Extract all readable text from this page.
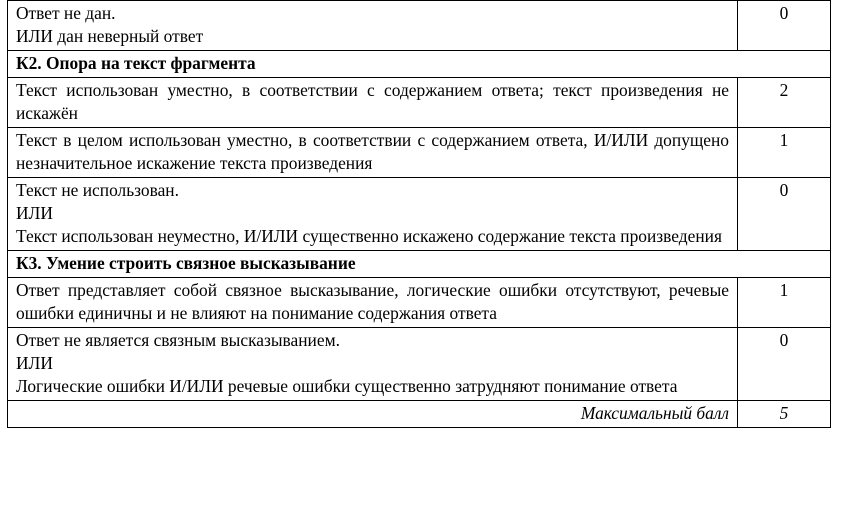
Ответ не дан.
ИЛИ дан неверный ответ	0
К2. Опора на текст фрагмента	
Текст использован уместно, в соответствии с содержанием ответа; текст произведения не искажён	2
Текст в целом использован уместно, в соответствии с содержанием ответа, И/ИЛИ допущено незначительное искажение текста произведения	1

Текст не использован.
ИЛИ
Текст использован неуместно, И/ИЛИ существенно искажено содержание текста произведения	0
К3. Умение строить связное высказывание	
Ответ представляет собой связное высказывание, логические ошибки отсутствуют, речевые ошибки единичны и не влияют на понимание содержания ответа	1

Ответ не является связным высказыванием.
ИЛИ
Логические ошибки И/ИЛИ речевые ошибки существенно затрудняют понимание ответа	0
Максимальный балл	5
